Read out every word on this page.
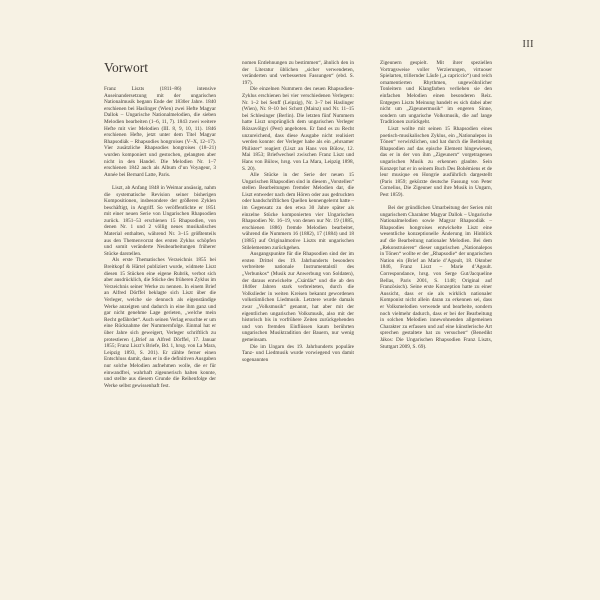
III
Vorwort

Franz Liszts (1811–86) intensive Auseinandersetzung mit der ungarischen Nationalmusik begann Ende der 1830er Jahre. 1840 erschienen bei Haslinger (Wien) zwei Hefte Magyar Dallok – Ungarische Nationalmelodien, die sieben Melodien bearbeiten (1–6, 11, 7). 1843 zwei weitere Hefte mit vier Melodien (III. 8, 9, 10, 11). 1846 erschienen Hefte, jetzt unter dem Titel Magyar Rhapsodiák – Rhapsodies hongroises (V–X, 12–17). Vier zusätzliche Rhapsodies hongroises (18–21) wurden komponiert und gestochen, gelangten aber nicht in den Handel. Die Melodien Nr. 1–7 erschienen 1842 auch als Album d’un Voyageur, 3 Année bei Bernard Latte, Paris.

Liszt, ab Anfang 1848 in Weimar ansässig, nahm die systematische Revision seiner bisherigen Kompositionen, insbesondere der größeren Zyklen beschäftigt, in Angriff. So veröffentlichte er 1851 mit einer neuen Serie von Ungarischen Rhapsodien zurück. 1851–53 erschienen 15 Rhapsodien, von denen Nr. 1 und 2 völlig neues musikalisches Material enthalten, während Nr. 3–15 größtenteils aus den Themenvorrat des ersten Zyklus schöpfen und somit veränderte Neubearbeitungen früherer Stücke darstellen.

Als erste Thematisches Verzeichnis 1855 bei Breitkopf & Härtel publiziert wurde, widmete Liszt diesen 15 Stücken eine eigene Rubrik, verbot sich aber ausdrücklich, die Stücke des früheren Zyklus im Verzeichnis seiner Werke zu nennen. In einem Brief an Alfred Dörffel beklagte sich Liszt über die Verleger, welche sie dennoch als eigenständige Werke anzeigten und dadurch in eine ihm ganz und gar nicht genehme Lage gerieten, „welche mein Recht gefährdet“. Auch seinen Verlag ersuchte er um eine Rücknahme der Nummernfolge. Einmal hat er über Jahre sich geweigert, Verleger schriftlich zu protestieren („Brief an Alfred Dörffel, 17. Januar 1855; Franz Liszt’s Briefe, Bd. 1, hrsg. von La Mara, Leipzig 1893, S. 201). Er zählte ferner einen Entschluss damit, dass er in die definitiven Ausgaben nur solche Melodien aufnehmen wolle, die er für einwandfrei, wahrhaft zigeunerisch halten konnte, und stellte aus diesem Grunde die Reihenfolge der Werke selbst gewissenhaft fest.

nomen Entlehnungen zu bestimmen“, ähnlich den in der Literatur üblichen „sicher verwendeten, veränderten und verbesserten Fassungen“ (ebd. S. 197).

Die einzelnen Nummern des neuen Rhapsodien-Zyklus erschienen bei vier verschiedenen Verlegern: Nr. 1–2 bei Senff (Leipzig), Nr. 3–7 bei Haslinger (Wien), Nr. 8–10 bei Schott (Mainz) und Nr. 11–15 bei Schlesinger (Berlin). Die letzten fünf Nummern hatte Liszt ursprünglich dem ungarischen Verleger Rózsavölgyi (Pest) angeboten. Er fand es zu Recht unzureichend, dass diese Ausgabe nicht realisiert werden konnte: der Verleger habe als ein „ehrsamer Philister“ reagiert (Liszt an Hans von Bülow, 12. Mai 1853; Briefwechsel zwischen Franz Liszt und Hans von Bülow, hrsg. von La Mara, Leipzig 1898, S. 20).

Alle Stücke in der Serie der neuen 15 Ungarischen Rhapsodien sind in diesem „Vorstellen“ stellen Bearbeitungen fremder Melodien dar, die Liszt entweder nach dem Hören oder aus gedruckten oder handschriftlichen Quellen kennengelernt hatte – im Gegensatz zu den etwa 30 Jahre später als einzelne Stücke komponierten vier Ungarischen Rhapsodien Nr. 16–19, von denen nur Nr. 19 (1885, erschienen 1886) fremde Melodien bearbeitet, während die Nummern 16 (1882), 17 (1884) und 18 (1885) auf Originalmotive Liszts mit ungarischen Stilelementen zurückgehen.

Ausgangspunkte für die Rhapsodien sind der im ersten Drittel des 19. Jahrhunderts besonders verbreitete nationale Instrumentalstil des „Verbunkos“ (Musik zur Anwerbung von Soldaten), der daraus entwickelte „Csárdás“ und die ab den 1840er Jahren stark verbreiteten, durch die Volkslieder in weiten Kreisen bekannt gewordenen volkstümlichen Liedmusik. Letztere wurde damals zwar „Volksmusik“ genannt, hat aber mit der eigentlichen ungarischen Volksmusik, also mit der historisch bis in vorfrühere Zeiten zurückgehenden und von fremden Einflüssen kaum berührten ungarischen Musiktradition der Bauern, nur wenig gemeinsam.

Die im Ungarn des 19. Jahrhunderts populäre Tanz- und Liedmusik wurde vorwiegend von damit sogenannten

Zigeunern gespielt. Mit ihrer speziellen Vortragsweise voller Verzierungen, virtuoser Spielarten, trillernder Läufe („a capriccio“) und reich ornamentierten Rhythmen, ungewöhnlicher Tonleitern und Klangfarben verliehen sie den einfachen Melodien einen besonderen Reiz. Entgegen Liszts Meinung handelt es sich dabei aber nicht um „Zigeunermusik“ im engeren Sinne, sondern um ungarische Volksmusik, die auf lange Traditionen zurückgeht.

Liszt wollte mit seinen 15 Rhapsodien eines poetisch-musikalischen Zyklus, ein „Nationalepos in Tönen“ verwirklichen, und hat durch die Betitelung Rhapsodien auf das epische Element hingewiesen, das er in der von ihm „Zigeunern“ vorgetragenen ungarischen Musik zu erkennen glaubte. Sein Konzept hat er in seinem Buch Des Bohémiens et de leur musique en Hongrie ausführlich dargestellt (Paris 1859; gekürzte deutsche Fassung von Peter Cornelius, Die Zigeuner und ihre Musik in Ungarn, Pest 1859).

Bei der gründlichen Umarbeitung der Serien mit ungarischem Charakter Magyar Dallok – Ungarische Nationalmelodien sowie Magyar Rhapsodiák – Rhapsodies hongroises entwickelte Liszt eine wesentliche konzeptionelle Änderung im Hinblick auf die Bearbeitung nationaler Melodien. Bei dem „Rekonstruieren“ dieser ungarischen „Nationalepos in Tönen“ wollte er der „Rhapsodie“ der ungarischen Nation ein (Brief an Marie d’Agoult, 18. Oktober 1846, Franz Liszt – Marie d’Agoult. Correspondance, hrsg. von Serge Gut/Jacqueline Bellas, Paris 2001, S. 1148; Original auf Französisch). Seine erste Konzeption hatte zu einer Aussicht, dass er sie als wirklich nationaler Komponist nicht allein daran zu erkennen sei, dass er Volksmelodien verwende und bearbeite, sondern noch vielmehr dadurch, dass er bei der Bearbeitung in solchen Melodien innewohnenden allgemeinen Charakter zu erfassen und auf eine künstlerische Art sprechen gestaltete hat zu versuchen“ (Benedikt Jákos: Die Ungarischen Rhapsodien Franz Liszts, Stuttgart 2009, S. 69).
